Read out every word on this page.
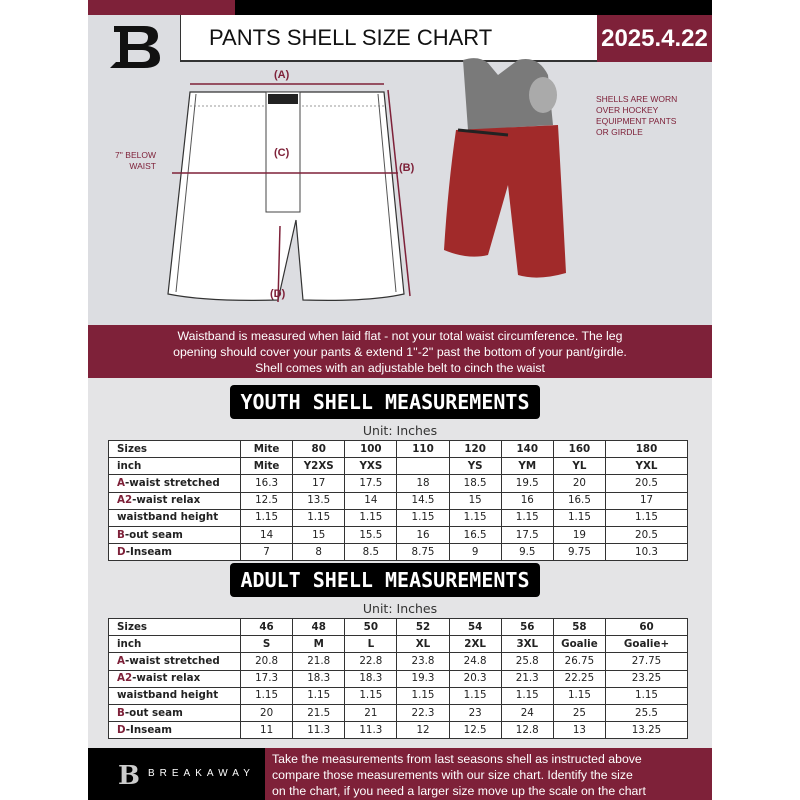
PANTS SHELL SIZE CHART	2025.4.22
(A)
(C)
(B)
(D)
7'' BELOW
WAIST
SHELLS ARE WORN
OVER HOCKEY
EQUIPMENT PANTS
OR GIRDLE
Waistband is measured when laid flat - not your total waist circumference. The leg
opening should cover your pants & extend 1''-2'' past the bottom of your pant/girdle.
Shell comes with an adjustable belt to cinch the waist
YOUTH SHELL MEASUREMENTS
Unit: Inches
Sizes	Mite	80	100	110	120	140	160	180
inch	Mite	Y2XS	YXS		YS	YM	YL	YXL
A-waist stretched	16.3	17	17.5	18	18.5	19.5	20	20.5
A2-waist relax	12.5	13.5	14	14.5	15	16	16.5	17
waistband height	1.15	1.15	1.15	1.15	1.15	1.15	1.15	1.15
B-out seam	14	15	15.5	16	16.5	17.5	19	20.5
D-Inseam	7	8	8.5	8.75	9	9.5	9.75	10.3
ADULT SHELL MEASUREMENTS
Unit: Inches
Sizes	46	48	50	52	54	56	58	60
inch	S	M	L	XL	2XL	3XL	Goalie	Goalie+
A-waist stretched	20.8	21.8	22.8	23.8	24.8	25.8	26.75	27.75
A2-waist relax	17.3	18.3	18.3	19.3	20.3	21.3	22.25	23.25
waistband height	1.15	1.15	1.15	1.15	1.15	1.15	1.15	1.15
B-out seam	20	21.5	21	22.3	23	24	25	25.5
D-Inseam	11	11.3	11.3	12	12.5	12.8	13	13.25
B BREAKAWAY
Take the measurements from last seasons shell as instructed above
compare those measurements with our size chart. Identify the size
on the chart, if you need a larger size move up the scale on the chart
